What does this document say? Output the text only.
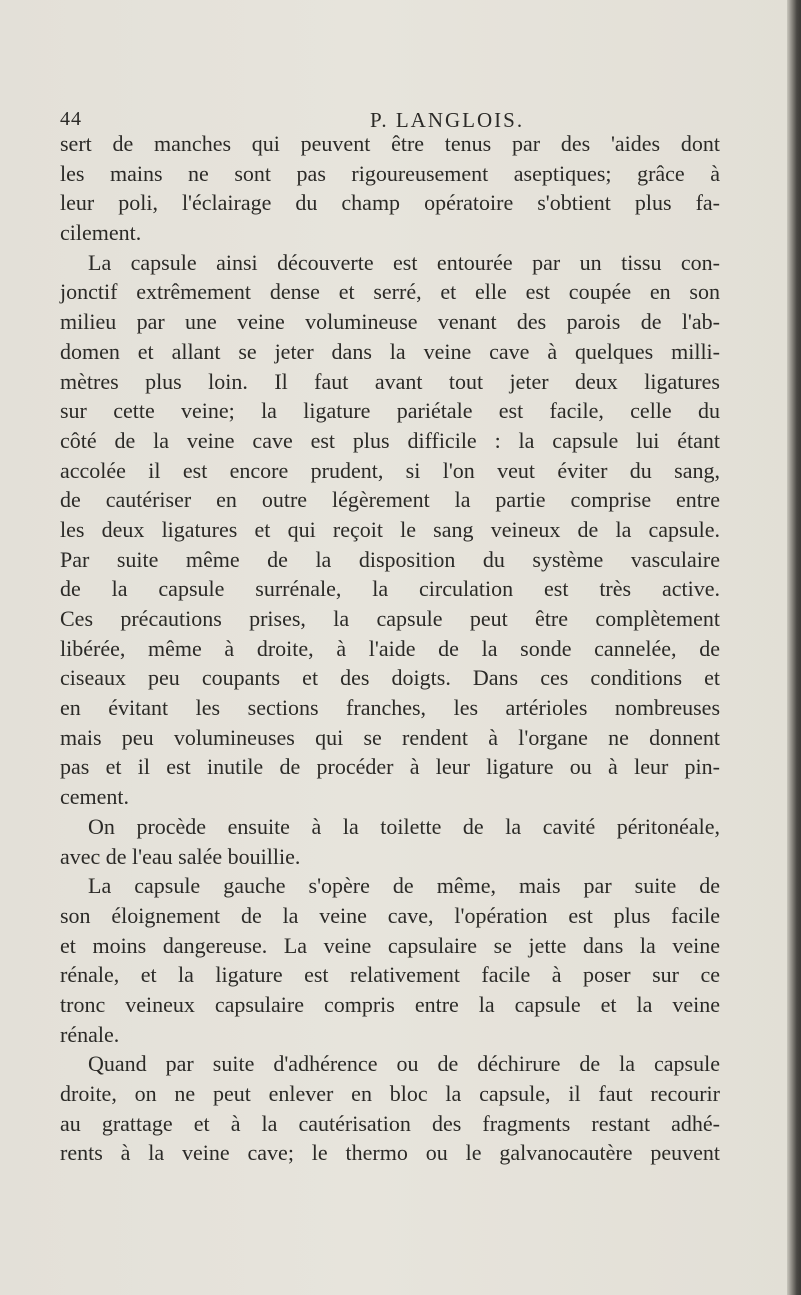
44	P. LANGLOIS.
sert de manches qui peuvent être tenus par des 'aides dont
les mains ne sont pas rigoureusement aseptiques; grâce à
leur poli, l'éclairage du champ opératoire s'obtient plus fa-
cilement.
La capsule ainsi découverte est entourée par un tissu con-
jonctif extrêmement dense et serré, et elle est coupée en son
milieu par une veine volumineuse venant des parois de l'ab-
domen et allant se jeter dans la veine cave à quelques milli-
mètres plus loin. Il faut avant tout jeter deux ligatures
sur cette veine; la ligature pariétale est facile, celle du
côté de la veine cave est plus difficile : la capsule lui étant
accolée il est encore prudent, si l'on veut éviter du sang,
de cautériser en outre légèrement la partie comprise entre
les deux ligatures et qui reçoit le sang veineux de la capsule.
Par suite même de la disposition du système vasculaire
de la capsule surrénale, la circulation est très active.
Ces précautions prises, la capsule peut être complètement
libérée, même à droite, à l'aide de la sonde cannelée, de
ciseaux peu coupants et des doigts. Dans ces conditions et
en évitant les sections franches, les artérioles nombreuses
mais peu volumineuses qui se rendent à l'organe ne donnent
pas et il est inutile de procéder à leur ligature ou à leur pin-
cement.
On procède ensuite à la toilette de la cavité péritonéale,
avec de l'eau salée bouillie.
La capsule gauche s'opère de même, mais par suite de
son éloignement de la veine cave, l'opération est plus facile
et moins dangereuse. La veine capsulaire se jette dans la veine
rénale, et la ligature est relativement facile à poser sur ce
tronc veineux capsulaire compris entre la capsule et la veine
rénale.
Quand par suite d'adhérence ou de déchirure de la capsule
droite, on ne peut enlever en bloc la capsule, il faut recourir
au grattage et à la cautérisation des fragments restant adhé-
rents à la veine cave; le thermo ou le galvanocautère peuvent
